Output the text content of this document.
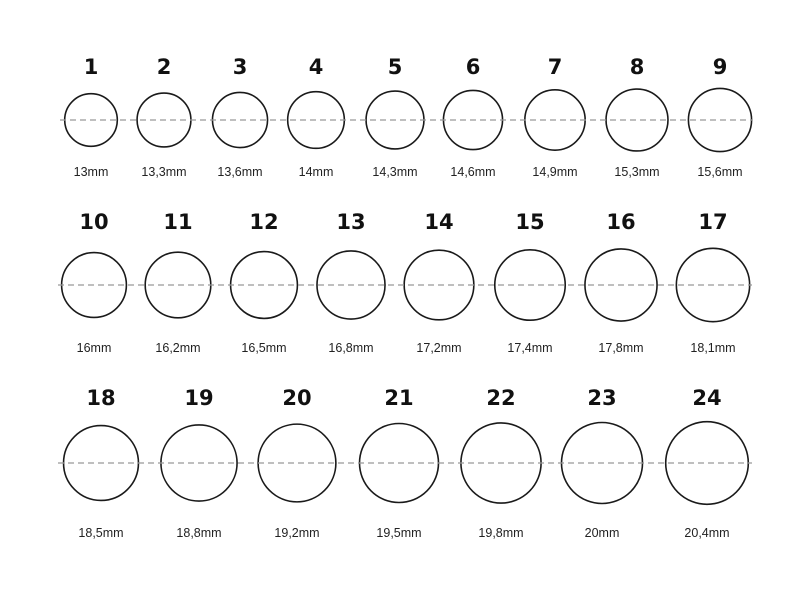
1
13mm
2
13,3mm
3
13,6mm
4
14mm
5
14,3mm
6
14,6mm
7
14,9mm
8
15,3mm
9
15,6mm
10
16mm
11
16,2mm
12
16,5mm
13
16,8mm
14
17,2mm
15
17,4mm
16
17,8mm
17
18,1mm
18
18,5mm
19
18,8mm
20
19,2mm
21
19,5mm
22
19,8mm
23
20mm
24
20,4mm
